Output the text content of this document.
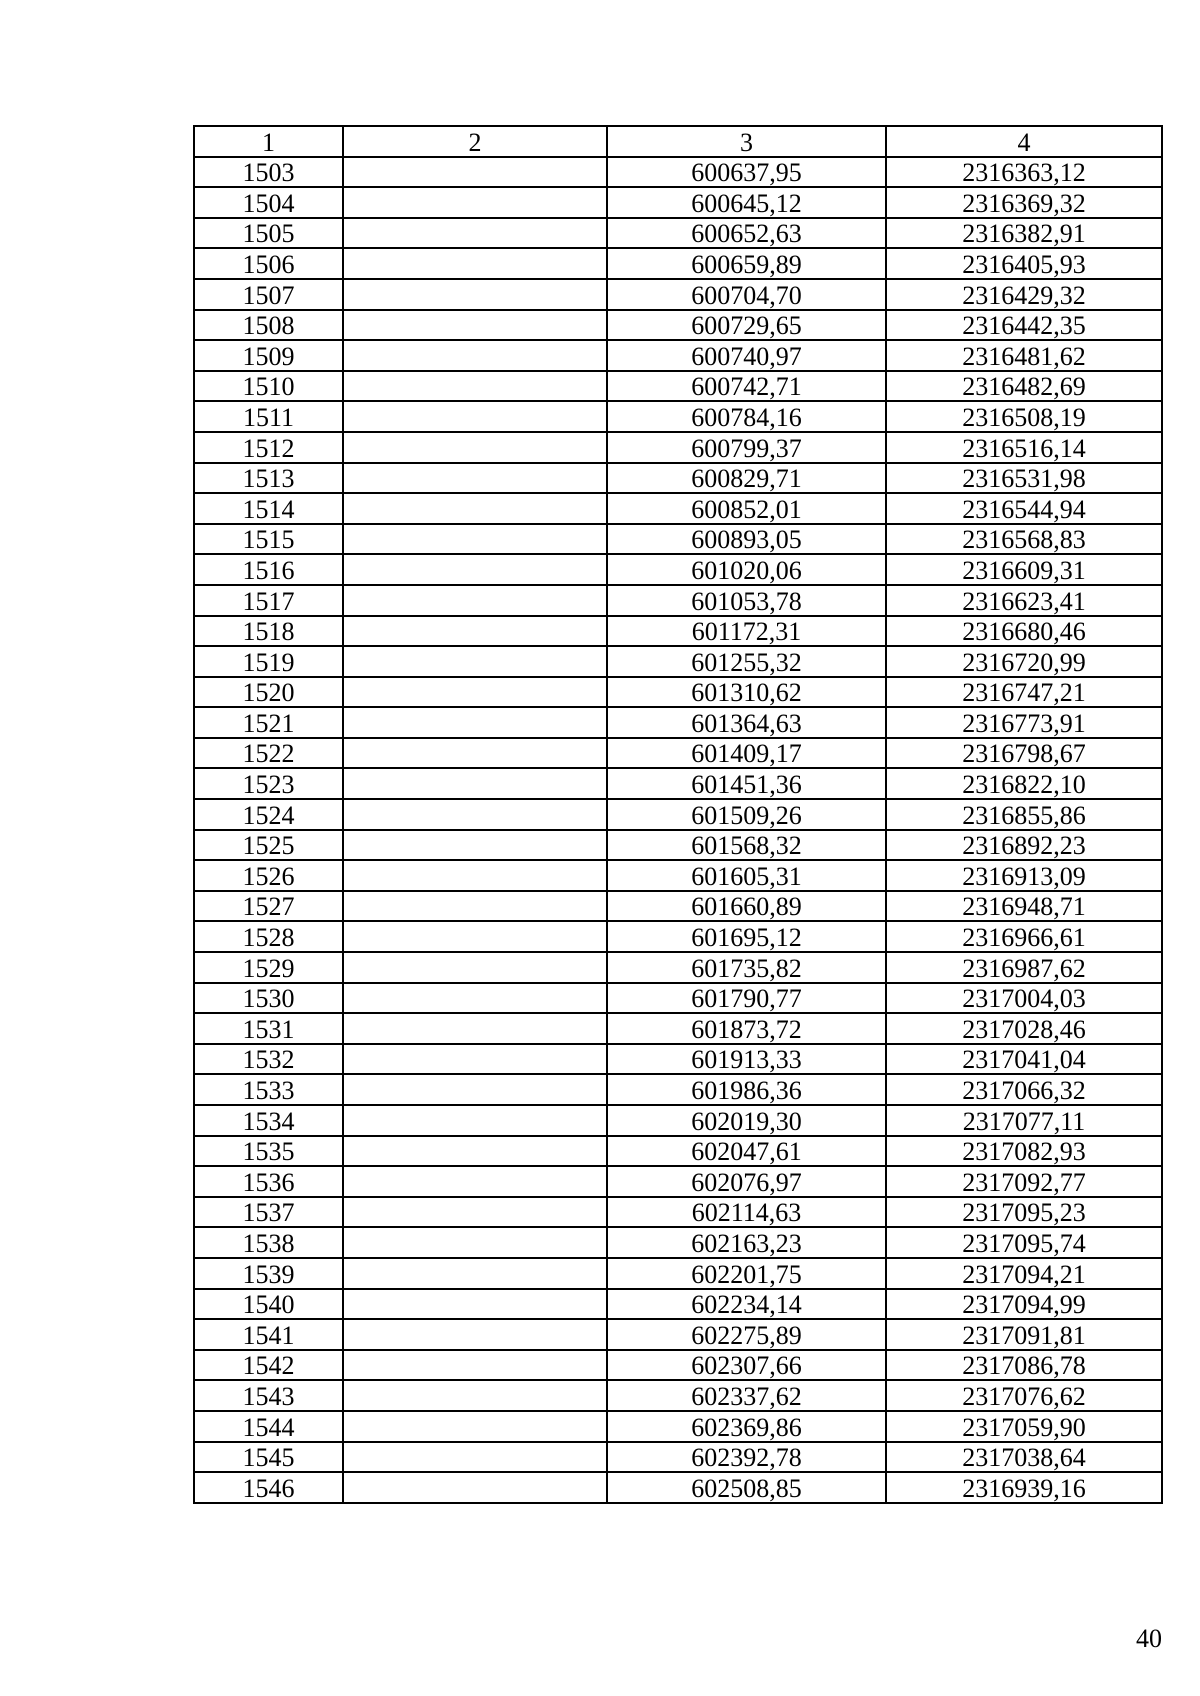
1	2	3	4
1503		600637,95	2316363,12
1504		600645,12	2316369,32
1505		600652,63	2316382,91
1506		600659,89	2316405,93
1507		600704,70	2316429,32
1508		600729,65	2316442,35
1509		600740,97	2316481,62
1510		600742,71	2316482,69
1511		600784,16	2316508,19
1512		600799,37	2316516,14
1513		600829,71	2316531,98
1514		600852,01	2316544,94
1515		600893,05	2316568,83
1516		601020,06	2316609,31
1517		601053,78	2316623,41
1518		601172,31	2316680,46
1519		601255,32	2316720,99
1520		601310,62	2316747,21
1521		601364,63	2316773,91
1522		601409,17	2316798,67
1523		601451,36	2316822,10
1524		601509,26	2316855,86
1525		601568,32	2316892,23
1526		601605,31	2316913,09
1527		601660,89	2316948,71
1528		601695,12	2316966,61
1529		601735,82	2316987,62
1530		601790,77	2317004,03
1531		601873,72	2317028,46
1532		601913,33	2317041,04
1533		601986,36	2317066,32
1534		602019,30	2317077,11
1535		602047,61	2317082,93
1536		602076,97	2317092,77
1537		602114,63	2317095,23
1538		602163,23	2317095,74
1539		602201,75	2317094,21
1540		602234,14	2317094,99
1541		602275,89	2317091,81
1542		602307,66	2317086,78
1543		602337,62	2317076,62
1544		602369,86	2317059,90
1545		602392,78	2317038,64
1546		602508,85	2316939,16
40
